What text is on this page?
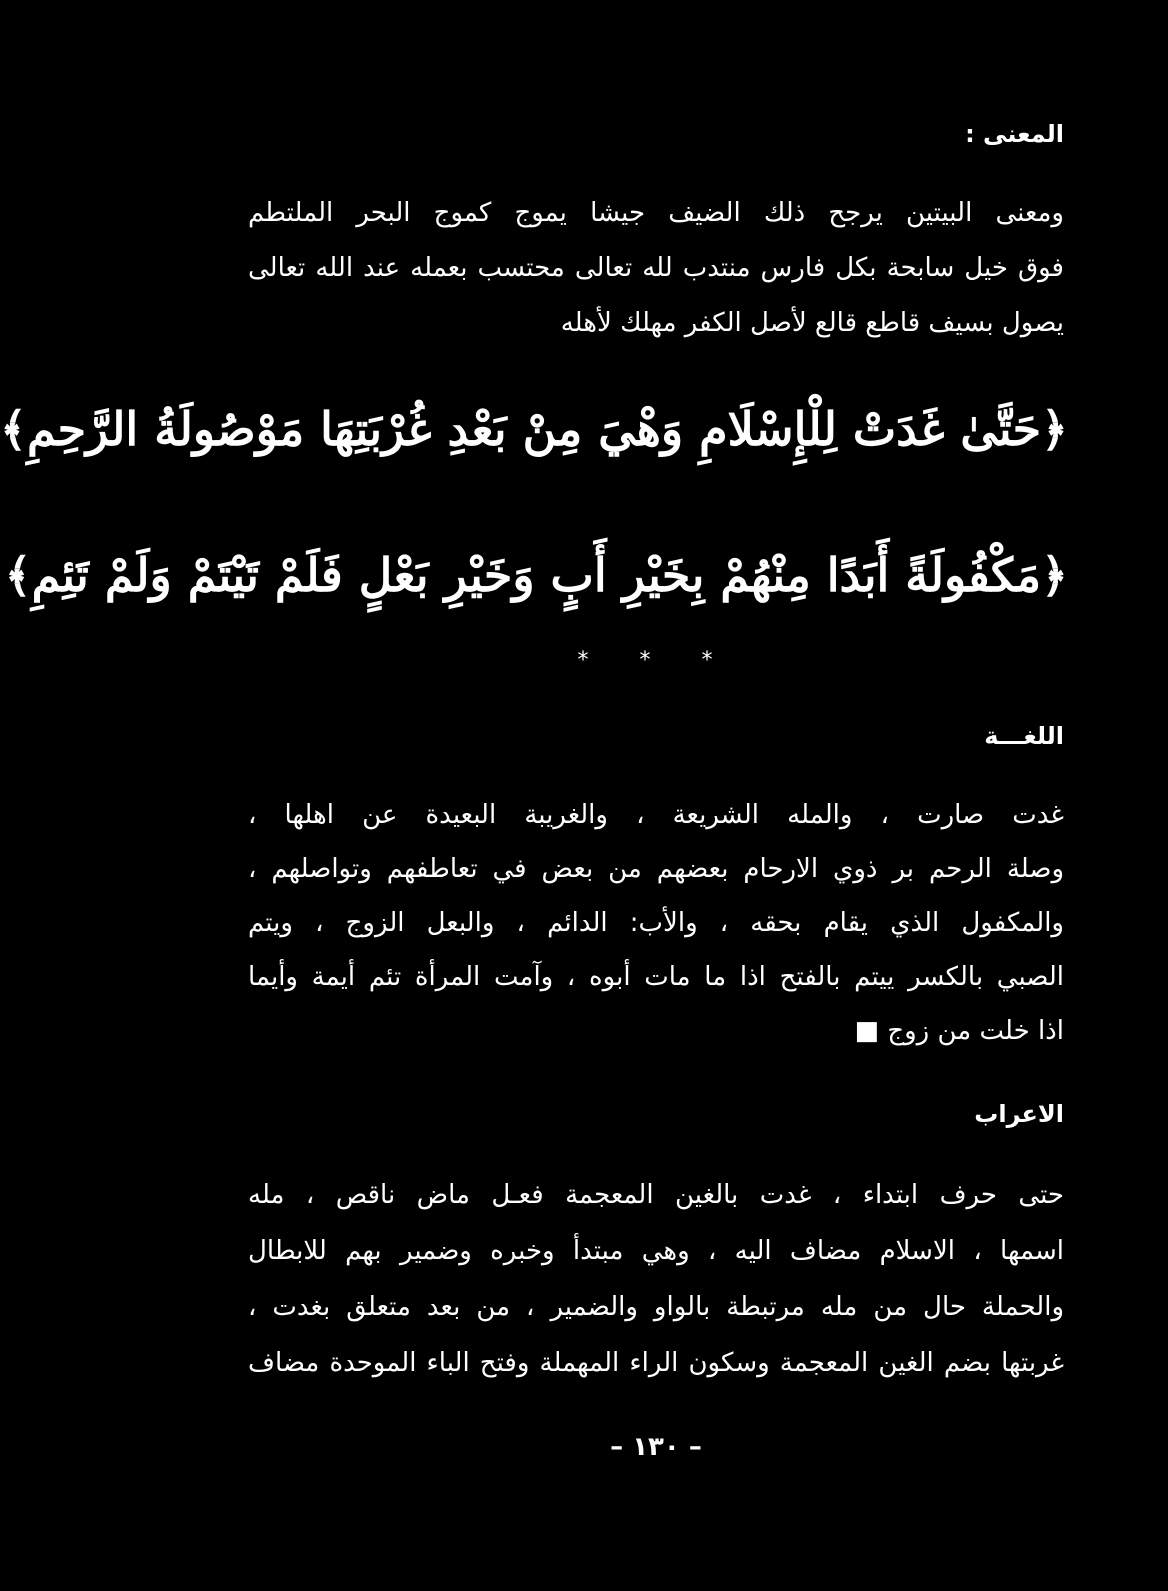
المعنى :
ومعنى البيتين يرجح ذلك الضيف جيشا يموج كموج البحر الملتطم
فوق خيل سابحة بكل فارس منتدب لله تعالى محتسب بعمله عند الله تعالى
يصول بسيف قاطع قالع لأصل الكفر مهلك لأهله
﴿حَتَّىٰ غَدَتْ لِلْإِسْلَامِ وَهْيَ مِنْ بَعْدِ غُرْبَتِهَا مَوْصُولَةُ الرَّحِمِ﴾
﴿مَكْفُولَةً أَبَدًا مِنْهُمْ بِخَيْرِ أَبٍ وَخَيْرِ بَعْلٍ فَلَمْ تَيْتَمْ وَلَمْ تَئِمِ﴾
* * *
اللغـــة
غدت صارت ، والمله الشريعة ، والغريبة البعيدة عن اهلها ،
وصلة الرحم بر ذوي الارحام بعضهم من بعض في تعاطفهم وتواصلهم ،
والمكفول الذي يقام بحقه ، والأب: الدائم ، والبعل الزوج ، ويتم
الصبي بالكسر ييتم بالفتح اذا ما مات أبوه ، وآمت المرأة تئم أيمة وأيما
اذا خلت من زوج ■
الاعراب
حتى حرف ابتداء ، غدت بالغين المعجمة فعـل ماض ناقص ، مله
اسمها ، الاسلام مضاف اليه ، وهي مبتدأ وخبره وضمير بهم للابطال
والحملة حال من مله مرتبطة بالواو والضمير ، من بعد متعلق بغدت ،
غربتها بضم الغين المعجمة وسكون الراء المهملة وفتح الباء الموحدة مضاف
– ١٣٠ –
